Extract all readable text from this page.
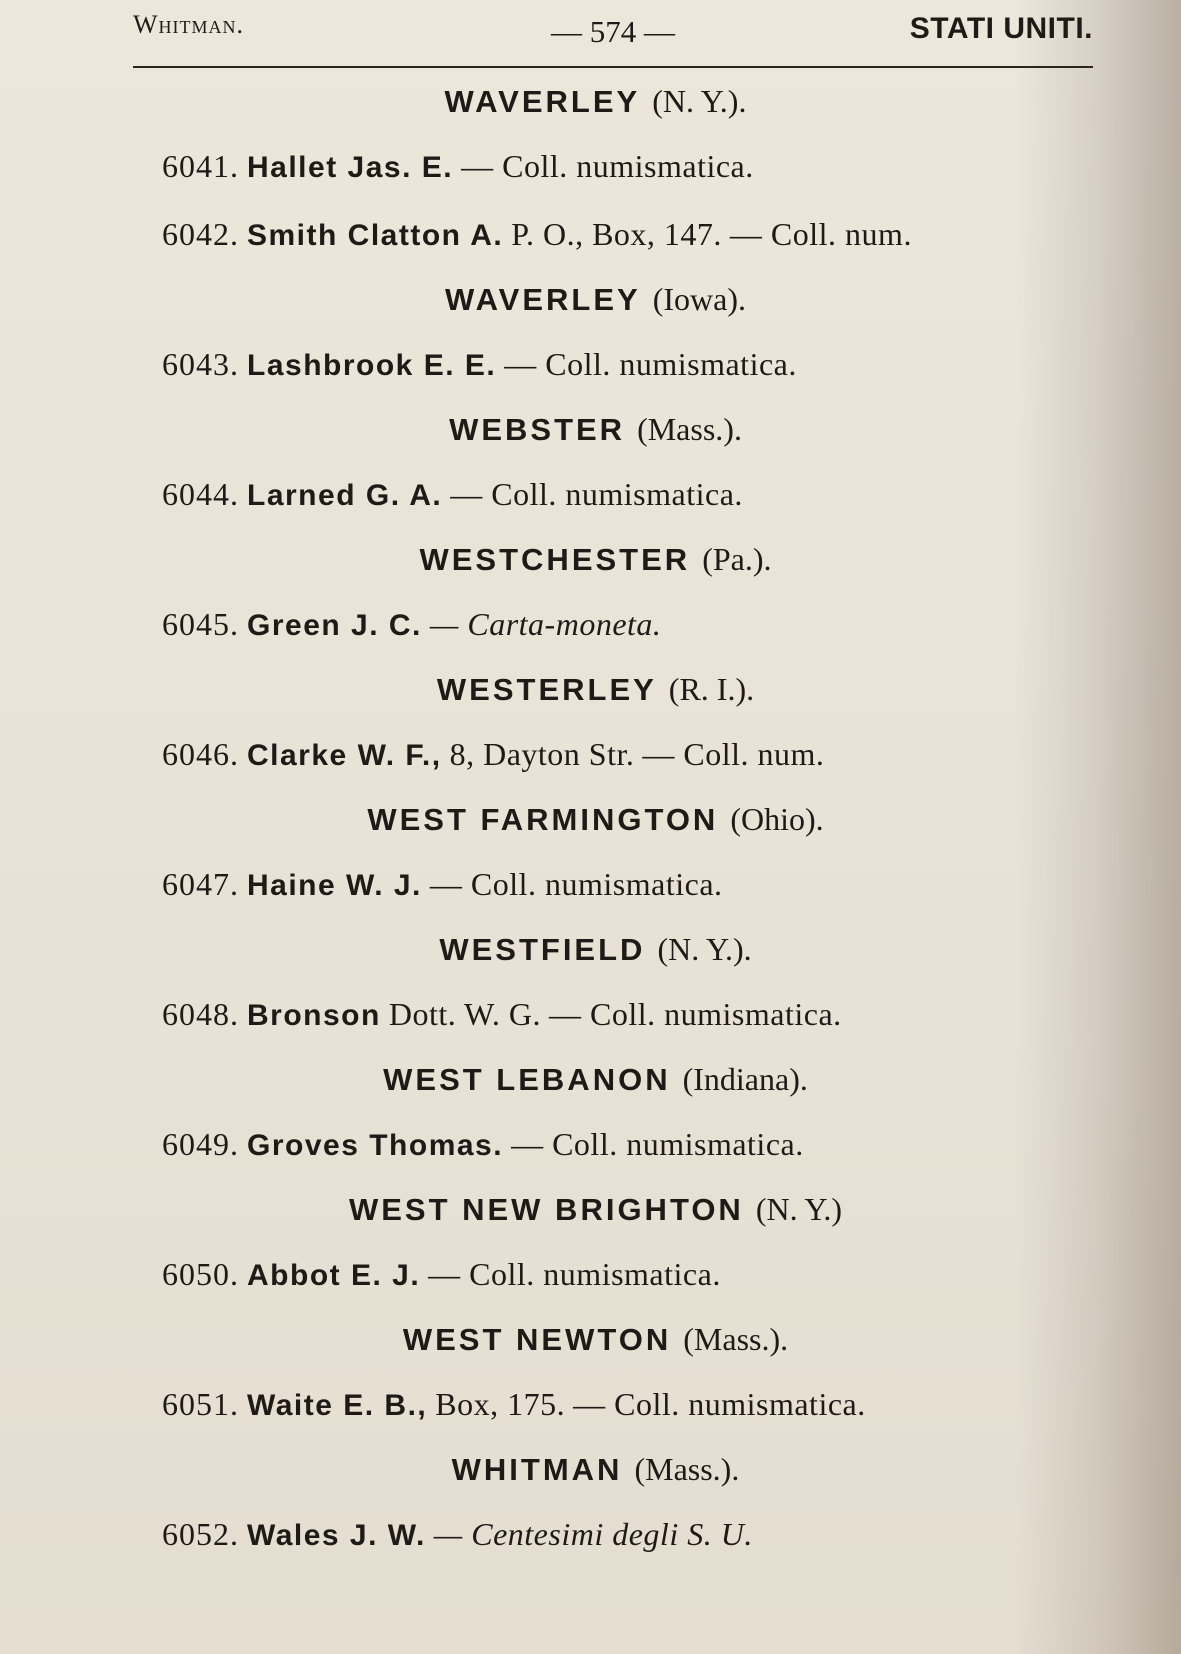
Whitman.	— 574 —	STATI UNITI.
WAVERLEY (N. Y.).
6041. Hallet Jas. E. — Coll. numismatica.
6042. Smith Clatton A. P. O., Box, 147. — Coll. num.
WAVERLEY (Iowa).
6043. Lashbrook E. E. — Coll. numismatica.
WEBSTER (Mass.).
6044. Larned G. A. — Coll. numismatica.
WESTCHESTER (Pa.).
6045. Green J. C. — Carta-moneta.
WESTERLEY (R. I.).
6046. Clarke W. F., 8, Dayton Str. — Coll. num.
WEST FARMINGTON (Ohio).
6047. Haine W. J. — Coll. numismatica.
WESTFIELD (N. Y.).
6048. Bronson Dott. W. G. — Coll. numismatica.
WEST LEBANON (Indiana).
6049. Groves Thomas. — Coll. numismatica.
WEST NEW BRIGHTON (N. Y.)
6050. Abbot E. J. — Coll. numismatica.
WEST NEWTON (Mass.).
6051. Waite E. B., Box, 175. — Coll. numismatica.
WHITMAN (Mass.).
6052. Wales J. W. — Centesimi degli S. U.
